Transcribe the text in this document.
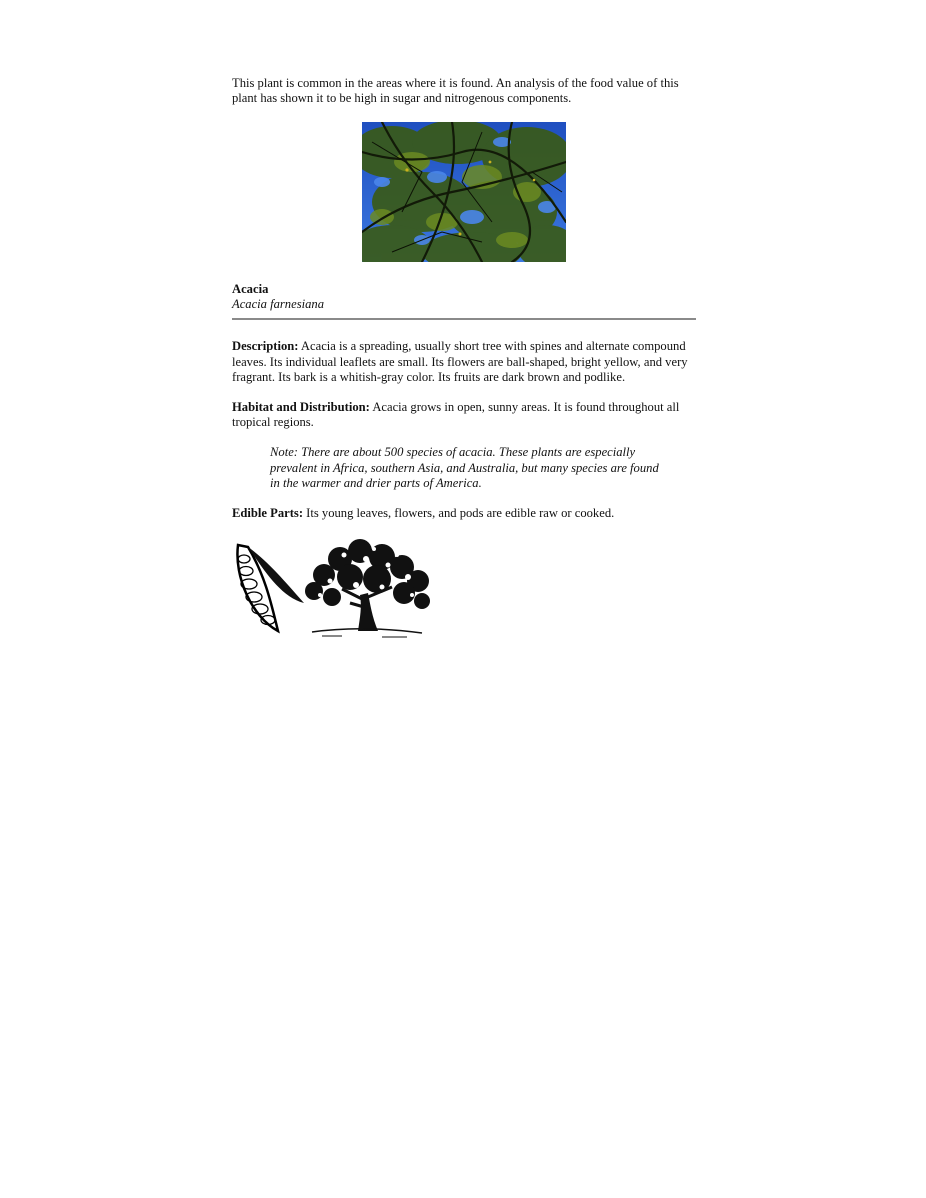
This plant is common in the areas where it is found. An analysis of the food value of this plant has shown it to be high in sugar and nitrogenous components.

Acacia
Acacia farnesiana

Description: Acacia is a spreading, usually short tree with spines and alternate compound leaves. Its individual leaflets are small. Its flowers are ball-shaped, bright yellow, and very fragrant. Its bark is a whitish-gray color. Its fruits are dark brown and podlike.

Habitat and Distribution: Acacia grows in open, sunny areas. It is found throughout all tropical regions.

Note: There are about 500 species of acacia. These plants are especially prevalent in Africa, southern Asia, and Australia, but many species are found in the warmer and drier parts of America.

Edible Parts: Its young leaves, flowers, and pods are edible raw or cooked.
